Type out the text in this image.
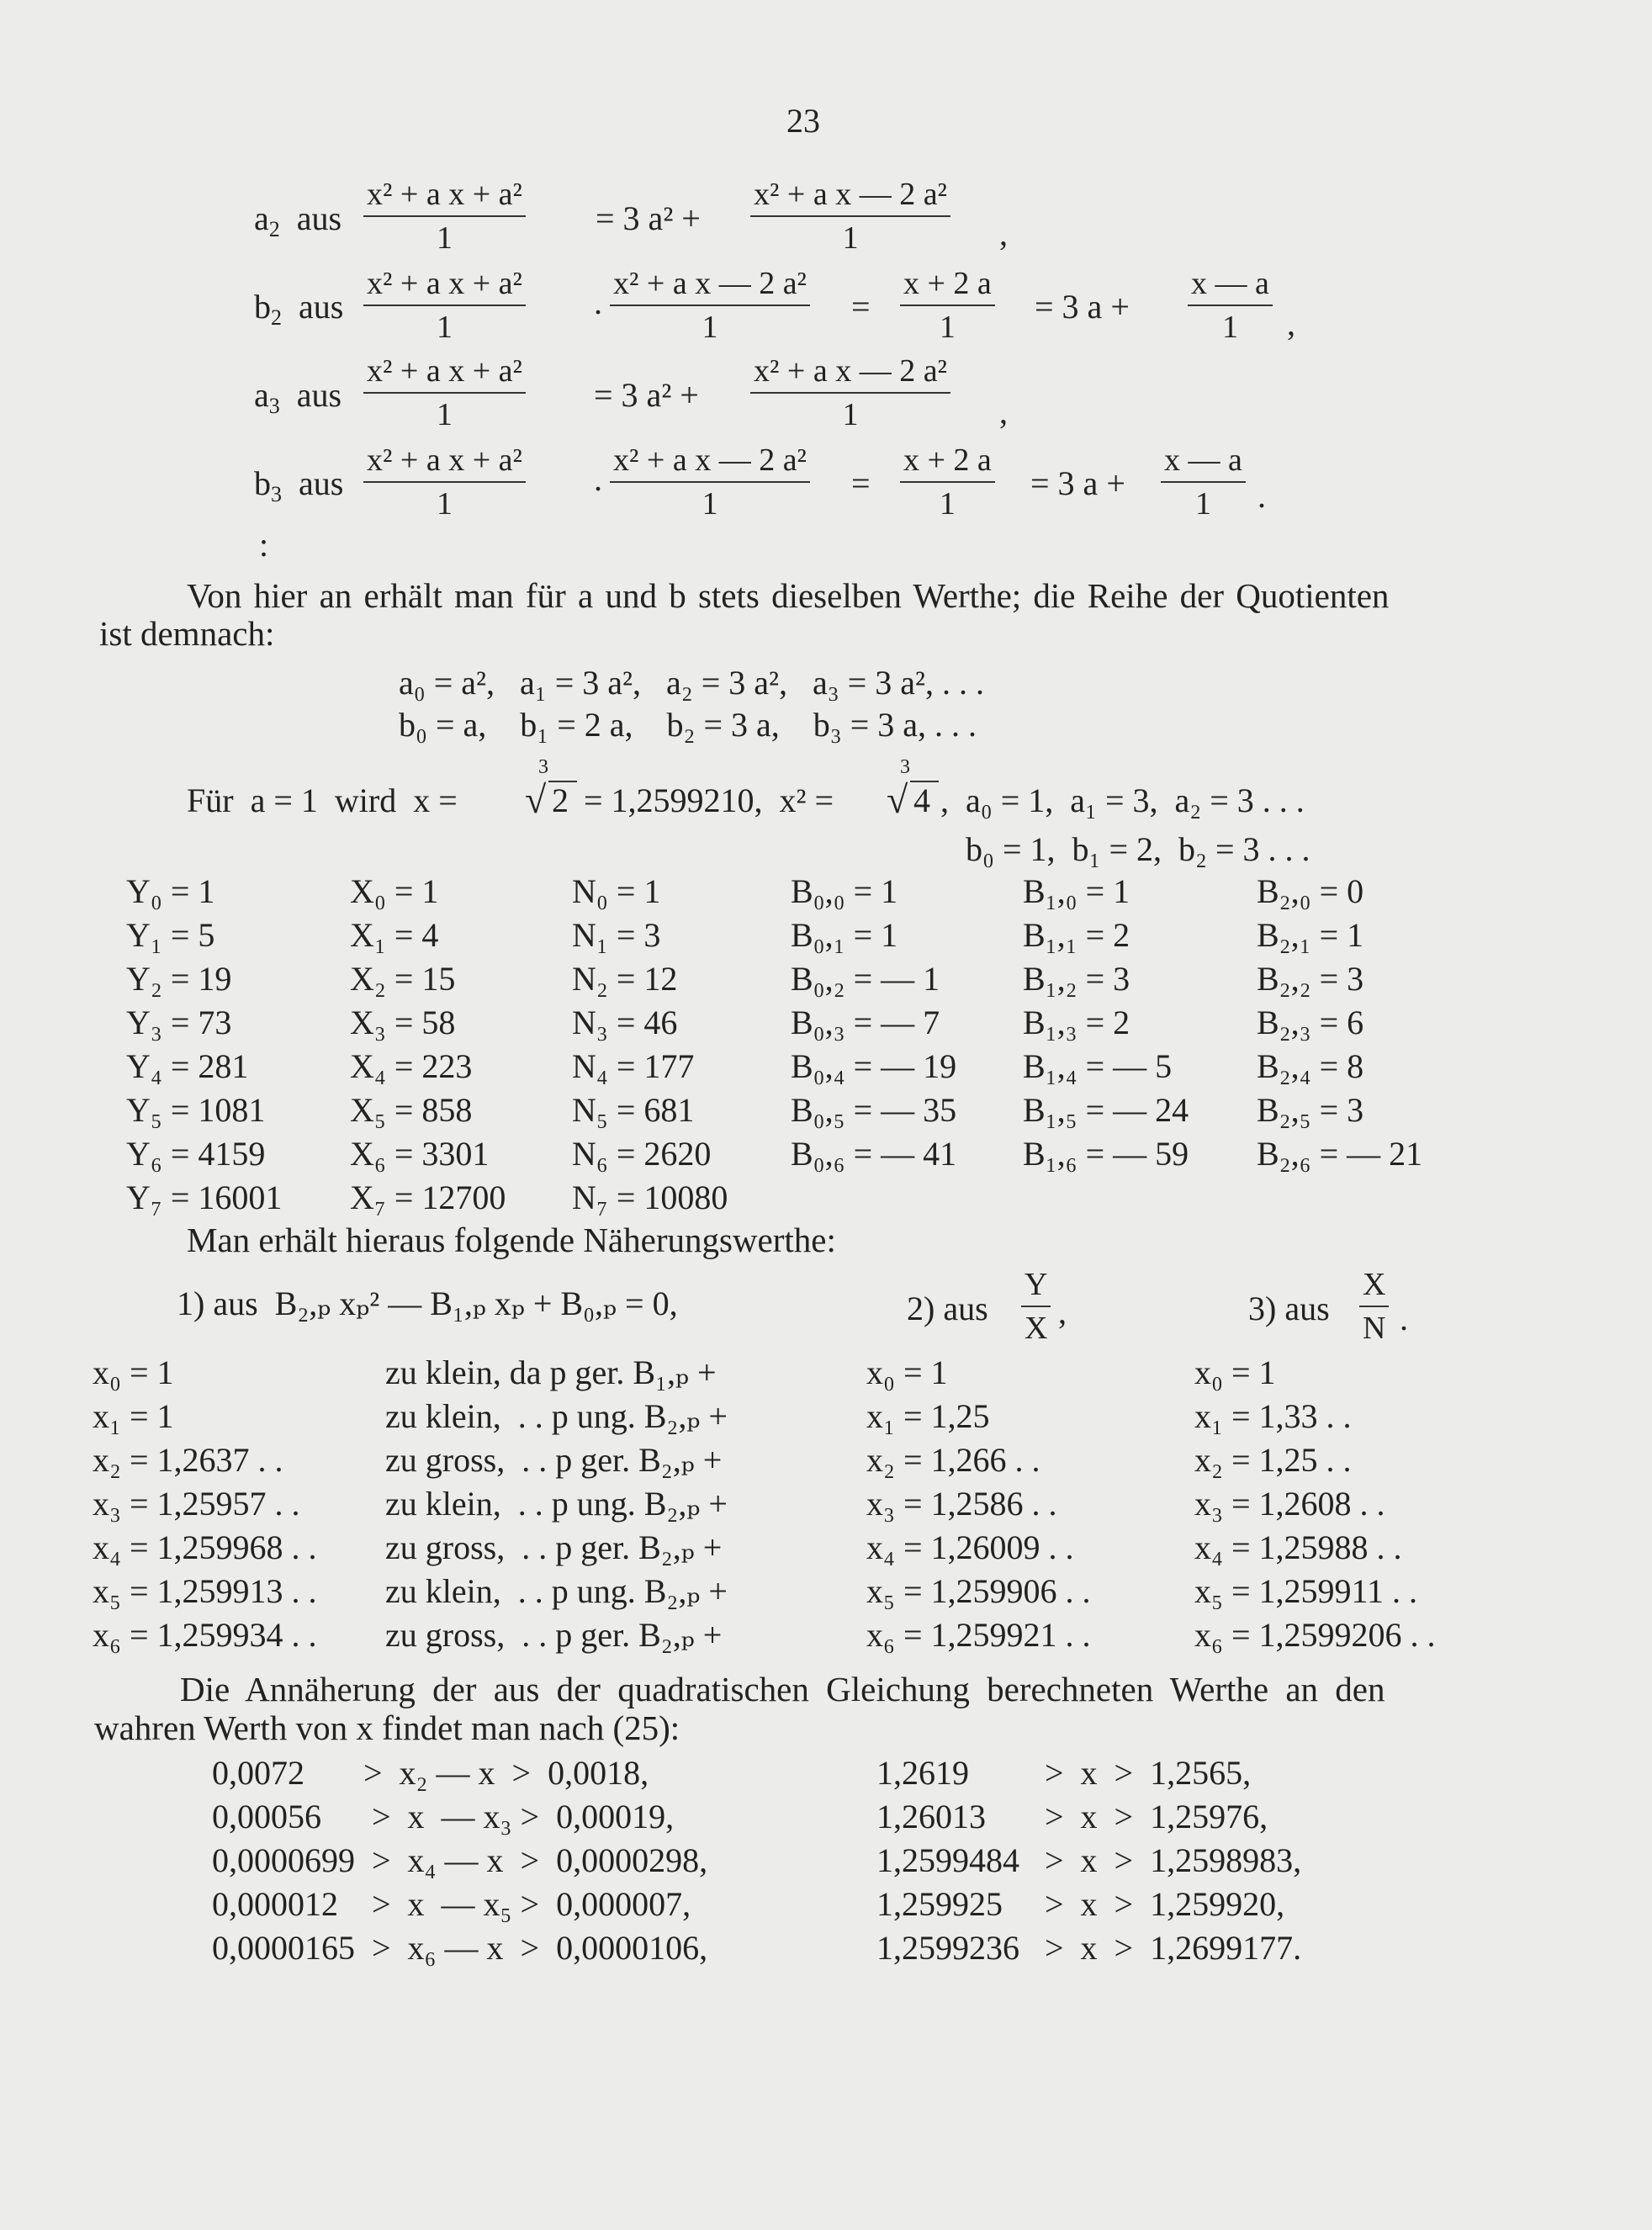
23
$a_2$ aus $\frac{\text{x² + a x + a²}}{1} = 3$ $a^2 + \frac{\text{x² + a x — 2 a²}}{1}$ ,
$b_2$ aus $\frac{\text{x² + a x + a²}}{1}$ . $\frac{\text{x² + a x — 2 a²}}{1} = \frac{x + 2 a}{1} = 3$ $a + \frac{x — a}{1}$ ,
$a_3$ aus $\frac{\text{x² + a x + a²}}{1} = 3$ $a^2 + \frac{\text{x² + a x — 2 a²}}{1}$ ,
$b_3$ aus $\frac{\text{x² + a x + a²}}{1}$ . $\frac{\text{x² + a x — 2 a²}}{1} = \frac{x + 2 a}{1} = 3$ $a + \frac{x — a}{1}$ .
:
Von hier an erhält man für a und b stets dieselben Werthe; die Reihe der Quotienten
ist demnach:
a₀ = a²,   a₁ = 3 a²,   a₂ = 3 a²,   a₃ = 3 a², . . .
b₀ = a,    b₁ = 2 a,    b₂ = 3 a,    b₃ = 3 a, . . .
Für  a = 1  wird  x =
3
√ 2 = 1,2599210,  x² =
3
√ 4 ,  a₀ = 1,  a₁ = 3,  a₂ = 3 . . .
b₀ = 1,  b₁ = 2,  b₂ = 3 . . .
Y₀ = 1
Y₁ = 5
Y₂ = 19
Y₃ = 73
Y₄ = 281
Y₅ = 1081
Y₆ = 4159
Y₇ = 16001
X₀ = 1
X₁ = 4
X₂ = 15
X₃ = 58
X₄ = 223
X₅ = 858
X₆ = 3301
X₇ = 12700
N₀ = 1
N₁ = 3
N₂ = 12
N₃ = 46
N₄ = 177
N₅ = 681
N₆ = 2620
N₇ = 10080
B₀,₀ = 1
B₀,₁ = 1
B₀,₂ = — 1
B₀,₃ = — 7
B₀,₄ = — 19
B₀,₅ = — 35
B₀,₆ = — 41
B₁,₀ = 1
B₁,₁ = 2
B₁,₂ = 3
B₁,₃ = 2
B₁,₄ = — 5
B₁,₅ = — 24
B₁,₆ = — 59
B₂,₀ = 0
B₂,₁ = 1
B₂,₂ = 3
B₂,₃ = 6
B₂,₄ = 8
B₂,₅ = 3
B₂,₆ = — 21
Man erhält hieraus folgende Näherungswerthe:
1) aus  B₂,ₚ xₚ² — B₁,ₚ xₚ + B₀,ₚ = 0,	2) aus $\frac{Y}{X}$ ,	3) aus $\frac{X}{N}$ .
x₀ = 1
x₁ = 1
x₂ = 1,2637 . .
x₃ = 1,25957 . .
x₄ = 1,259968 . .
x₅ = 1,259913 . .
x₆ = 1,259934 . .
zu klein, da p ger. B₁,ₚ +
zu klein,  . . p ung. B₂,ₚ +
zu gross,  . . p ger. B₂,ₚ +
zu klein,  . . p ung. B₂,ₚ +
zu gross,  . . p ger. B₂,ₚ +
zu klein,  . . p ung. B₂,ₚ +
zu gross,  . . p ger. B₂,ₚ +
x₀ = 1
x₁ = 1,25
x₂ = 1,266 . .
x₃ = 1,2586 . .
x₄ = 1,26009 . .
x₅ = 1,259906 . .
x₆ = 1,259921 . .
x₀ = 1
x₁ = 1,33 . .
x₂ = 1,25 . .
x₃ = 1,2608 . .
x₄ = 1,25988 . .
x₅ = 1,259911 . .
x₆ = 1,2599206 . .
Die Annäherung der aus der quadratischen Gleichung berechneten Werthe an den
wahren Werth von x findet man nach (25):
0,0072       >  x₂ — x  >  0,0018,
0,00056      >  x  — x₃ >  0,00019,
0,0000699  >  x₄ — x  >  0,0000298,
0,000012    >  x  — x₅ >  0,000007,
0,0000165  >  x₆ — x  >  0,0000106,
1,2619         >  x  >  1,2565,
1,26013       >  x  >  1,25976,
1,2599484   >  x  >  1,2598983,
1,259925     >  x  >  1,259920,
1,2599236   >  x  >  1,2699177.
